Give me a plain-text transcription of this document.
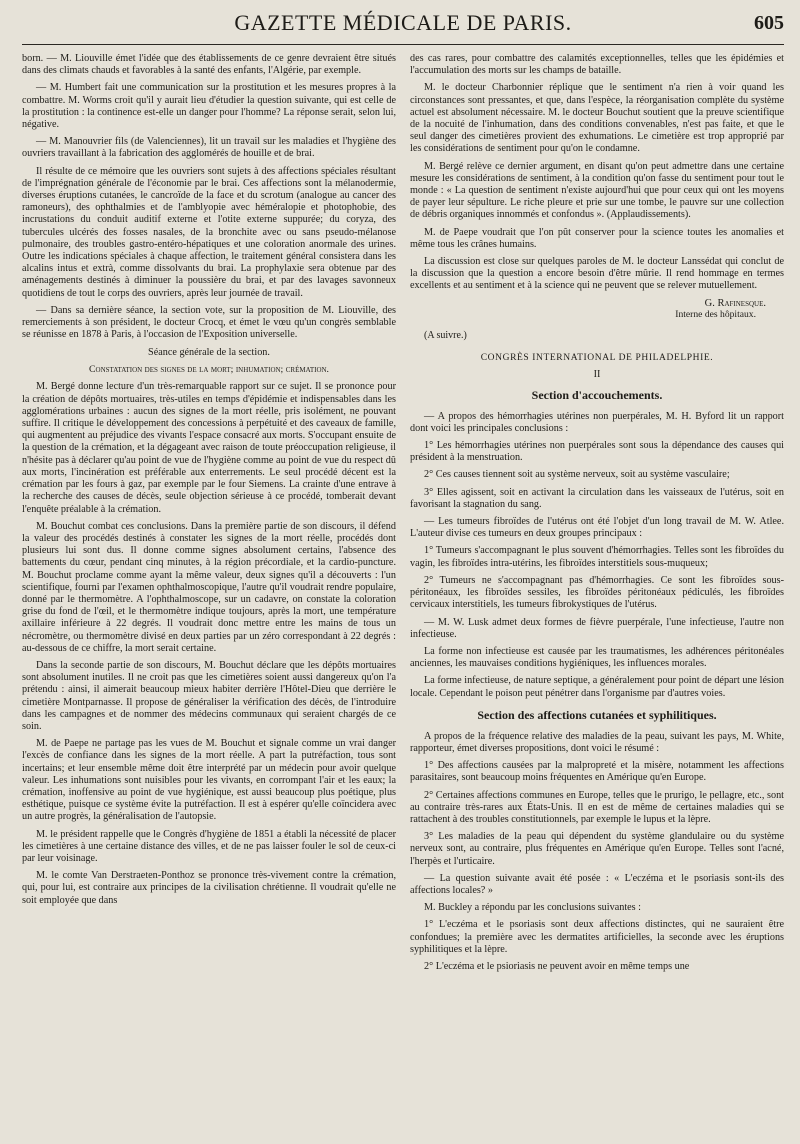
GAZETTE MÉDICALE DE PARIS.	605

born. — M. Liouville émet l'idée que des établissements de ce genre devraient être situés dans des climats chauds et favorables à la santé des enfants, l'Algérie, par exemple.

— M. Humbert fait une communication sur la prostitution et les mesures propres à la combattre. M. Worms croit qu'il y aurait lieu d'étudier la question suivante, qui est celle de la prostitution : la continence est-elle un danger pour l'homme? La réponse serait, selon lui, négative.

— M. Manouvrier fils (de Valenciennes), lit un travail sur les maladies et l'hygiène des ouvriers travaillant à la fabrication des agglomérés de houille et de brai.

Il résulte de ce mémoire que les ouvriers sont sujets à des affections spéciales résultant de l'imprégnation générale de l'économie par le brai. Ces affections sont la mélanodermie, diverses éruptions cutanées, le cancroïde de la face et du scrotum (analogue au cancer des ramoneurs), des ophthalmies et de l'amblyopie avec héméralopie et photophobie, des incrustations du conduit auditif externe et l'otite externe suppurée; du coryza, des tubercules ulcérés des fosses nasales, de la bronchite avec ou sans pseudo-mélanose pulmonaire, des troubles gastro-entéro-hépatiques et une coloration anormale des urines. Outre les indications spéciales à chaque affection, le traitement général consistera dans les alcalins intus et extrà, comme dissolvants du brai. La prophylaxie sera obtenue par des aménagements destinés à diminuer la poussière du brai, et par des lavages savonneux quotidiens de tout le corps des ouvriers, après leur journée de travail.

— Dans sa dernière séance, la section vote, sur la proposition de M. Liouville, des remerciements à son président, le docteur Crocq, et émet le vœu qu'un congrès semblable se réunisse en 1878 à Paris, à l'occasion de l'Exposition universelle.

Séance générale de la section.
Constatation des signes de la mort; inhumation; crémation.

M. Bergé donne lecture d'un très-remarquable rapport sur ce sujet. Il se prononce pour la création de dépôts mortuaires, très-utiles en temps d'épidémie et indispensables dans les agglomérations urbaines : aucun des signes de la mort réelle, pris isolément, ne pouvant suffire. Il critique le développement des concessions à perpétuité et des caveaux de famille, qui augmentent au préjudice des vivants l'espace consacré aux morts. S'occupant ensuite de la question de la crémation, et la dégageant avec raison de toute préoccupation religieuse, il n'hésite pas à déclarer qu'au point de vue de l'hygiène comme au point de vue du respect dû aux morts, l'incinération est préférable aux enterrements. Le seul procédé décent est la crémation par les fours à gaz, par exemple par le four Siemens. La crainte d'une entrave à la recherche des causes de décès, seule objection sérieuse à ce procédé, tomberait devant l'enquête préalable à la crémation.

M. Bouchut combat ces conclusions. Dans la première partie de son discours, il défend la valeur des procédés destinés à constater les signes de la mort réelle, procédés dont plusieurs lui sont dus. Il donne comme signes absolument certains, l'absence des battements du cœur, pendant cinq minutes, à la région précordiale, et la cardio-puncture. M. Bouchut proclame comme ayant la même valeur, deux signes qu'il a découverts : l'un scientifique, fourni par l'examen ophthalmoscopique, l'autre qu'il voudrait rendre populaire, donné par le thermomètre. A l'ophthalmoscope, sur un cadavre, on constate la coloration grise du fond de l'œil, et le thermomètre indique toujours, après la mort, une température axillaire inférieure à 22 degrés. Il voudrait donc mettre entre les mains de tous un nécromètre, ou thermomètre divisé en deux parties par un zéro correspondant à 22 degrés : au-dessous de ce chiffre, la mort serait certaine.

Dans la seconde partie de son discours, M. Bouchut déclare que les dépôts mortuaires sont absolument inutiles. Il ne croit pas que les cimetières soient aussi dangereux qu'on l'a prétendu : ainsi, il aimerait beaucoup mieux habiter derrière l'Hôtel-Dieu que derrière le cimetière Montparnasse. Il propose de généraliser la vérification des décès, de l'introduire dans les campagnes et de nommer des médecins communaux qui seraient chargés de ce soin.

M. de Paepe ne partage pas les vues de M. Bouchut et signale comme un vrai danger l'excès de confiance dans les signes de la mort réelle. A part la putréfaction, tous sont incertains; et leur ensemble même doit être interprété par un médecin pour avoir quelque valeur. Les inhumations sont nuisibles pour les vivants, en corrompant l'air et les eaux; la crémation, inoffensive au point de vue hygiénique, est aussi beaucoup plus poétique, plus esthétique, puisque ce système évite la putréfaction. Il est à espérer qu'elle coïncidera avec un autre progrès, la généralisation de l'autopsie.

M. le président rappelle que le Congrès d'hygiène de 1851 a établi la nécessité de placer les cimetières à une certaine distance des villes, et de ne pas laisser fouler le sol de ceux-ci par leur voisinage.

M. le comte Van Derstraeten-Ponthoz se prononce très-vivement contre la crémation, qui, pour lui, est contraire aux principes de la civilisation chrétienne. Il voudrait qu'elle ne soit employée que dans

des cas rares, pour combattre des calamités exceptionnelles, telles que les épidémies et l'accumulation des morts sur les champs de bataille.

M. le docteur Charbonnier réplique que le sentiment n'a rien à voir quand les circonstances sont pressantes, et que, dans l'espèce, la réorganisation complète du système actuel est absolument nécessaire. M. le docteur Bouchut soutient que la preuve scientifique de la nocuité de l'inhumation, dans des conditions convenables, n'est pas faite, et que le seul danger des cimetières provient des exhumations. Le cimetière est trop approprié par les considérations de sentiment pour qu'on le condamne.

M. Bergé relève ce dernier argument, en disant qu'on peut admettre dans une certaine mesure les considérations de sentiment, à la condition qu'on fasse du sentiment pour tout le monde : « La question de sentiment n'existe aujourd'hui que pour ceux qui ont les moyens de payer leur sépulture. Le riche pleure et prie sur une tombe, le pauvre sur une collection de débris organiques innommés et confondus ». (Applaudissements).

M. de Paepe voudrait que l'on pût conserver pour la science toutes les anomalies et même tous les crânes humains.

La discussion est close sur quelques paroles de M. le docteur Lanssédat qui conclut de la discussion que la question a encore besoin d'être mûrie. Il rend hommage en termes excellents et au sentiment et à la science qui ne peuvent que se relever mutuellement.

G. Rafinesque.
Interne des hôpitaux.
(A suivre.)
CONGRÈS INTERNATIONAL DE PHILADELPHIE.
II
Section d'accouchements.

— A propos des hémorrhagies utérines non puerpérales, M. H. Byford lit un rapport dont voici les principales conclusions :

1° Les hémorrhagies utérines non puerpérales sont sous la dépendance des causes qui président à la menstruation.

2° Ces causes tiennent soit au système nerveux, soit au système vasculaire;

3° Elles agissent, soit en activant la circulation dans les vaisseaux de l'utérus, soit en favorisant la stagnation du sang.

— Les tumeurs fibroïdes de l'utérus ont été l'objet d'un long travail de M. W. Atlee. L'auteur divise ces tumeurs en deux groupes principaux :

1° Tumeurs s'accompagnant le plus souvent d'hémorrhagies. Telles sont les fibroïdes du vagin, les fibroïdes intra-utérins, les fibroïdes interstitiels sous-muqueux;

2° Tumeurs ne s'accompagnant pas d'hémorrhagies. Ce sont les fibroïdes sous-péritonéaux, les fibroïdes sessiles, les fibroïdes péritonéaux pédiculés, les fibroïdes cervicaux interstitiels, les tumeurs fibrokystiques de l'utérus.

— M. W. Lusk admet deux formes de fièvre puerpérale, l'une infectieuse, l'autre non infectieuse.

La forme non infectieuse est causée par les traumatismes, les adhérences péritonéales anciennes, les mauvaises conditions hygiéniques, les influences morales.

La forme infectieuse, de nature septique, a généralement pour point de départ une lésion locale. Cependant le poison peut pénétrer dans l'organisme par d'autres voies.

Section des affections cutanées et syphilitiques.

A propos de la fréquence relative des maladies de la peau, suivant les pays, M. White, rapporteur, émet diverses propositions, dont voici le résumé :

1° Des affections causées par la malpropreté et la misère, notamment les affections parasitaires, sont beaucoup moins fréquentes en Amérique qu'en Europe.

2° Certaines affections communes en Europe, telles que le prurigo, le pellagre, etc., sont au contraire très-rares aux États-Unis. Il en est de même de certaines maladies qui se rattachent à des troubles constitutionnels, par exemple le lupus et la lèpre.

3° Les maladies de la peau qui dépendent du système glandulaire ou du système nerveux sont, au contraire, plus fréquentes en Amérique qu'en Europe. Telles sont l'acné, l'herpès et l'urticaire.

— La question suivante avait été posée : « L'eczéma et le psoriasis sont-ils des affections locales? »

M. Buckley a répondu par les conclusions suivantes :

1° L'eczéma et le psoriasis sont deux affections distinctes, qui ne sauraient être confondues; la première avec les dermatites artificielles, la seconde avec les éruptions syphilitiques et la lèpre.

2° L'eczéma et le psioriasis ne peuvent avoir en même temps une
